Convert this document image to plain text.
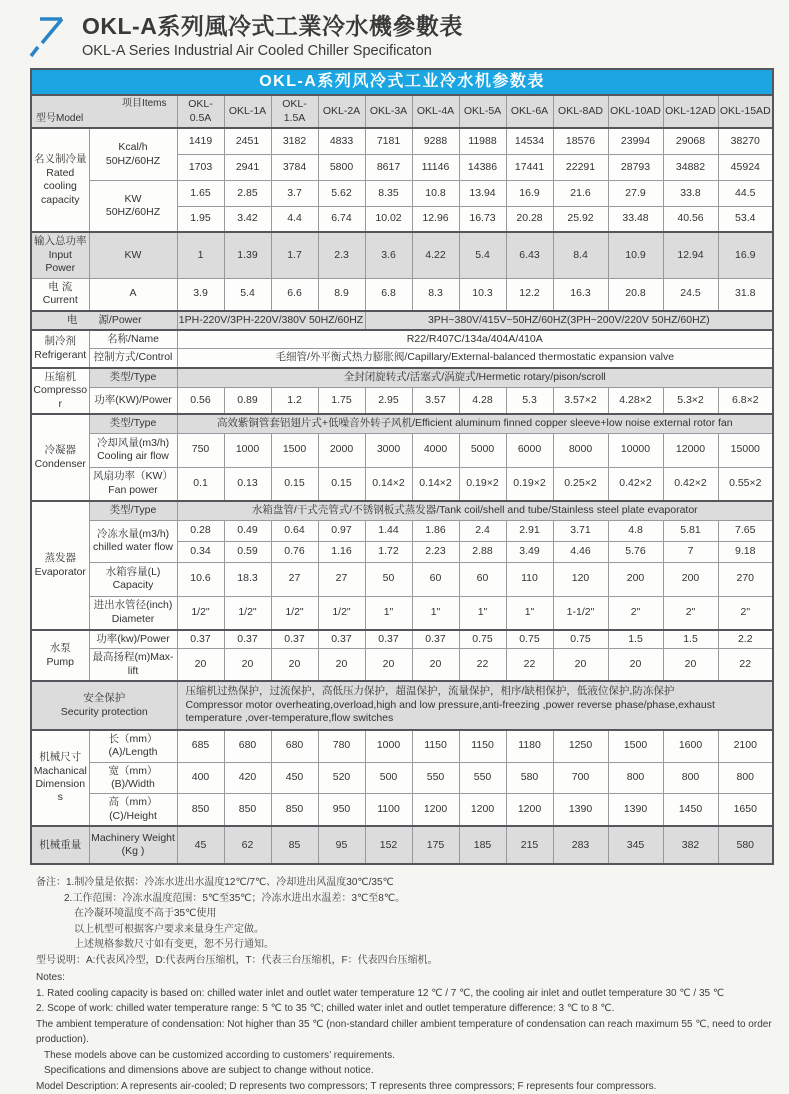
OKL-A系列風冷式工業冷水機參數表
OKL-A Series Industrial Air Cooled Chiller Specificaton
OKL-A系列风冷式工业冷水机参数表													

型号Model
项目Items		OKL-0.5A	OKL-1A	OKL-1.5A	OKL-2A	OKL-3A	OKL-4A	OKL-5A	OKL-6A	OKL-8AD	OKL-10AD	OKL-12AD	OKL-15AD

名义制冷量
Rated
cooling
capacity	Kcal/h
50HZ/60HZ	1419	2451	3182	4833	7181	9288	11988	14534	18576	23994	29068	38270
		1703	2941	3784	5800	8617	11146	14386	17441	22291	28793	34882	45924

	KW
50HZ/60HZ	1.65	2.85	3.7	5.62	8.35	10.8	13.94	16.9	21.6	27.9	33.8	44.5
		1.95	3.42	4.4	6.74	10.02	12.96	16.73	20.28	25.92	33.48	40.56	53.4

输入总功率
Input Power	KW	1	1.39	1.7	2.3	3.6	4.22	5.4	6.43	8.4	10.9	12.94	16.9

电 流
Current	A	3.9	5.4	6.6	8.9	6.8	8.3	10.3	12.2	16.3	20.8	24.5	31.8
电　　源/Power		1PH-220V/3PH-220V/380V 50HZ/60HZ				3PH~380V/415V~50HZ/60HZ(3PH~200V/220V 50HZ/60HZ)							

制冷剂
Refrigerant	名称/Name	R22/R407C/134a/404A/410A											
	控制方式/Control	毛细管/外平衡式热力膨胀阀/Capillary/External-balanced thermostatic expansion valve											

压缩机
Compressor	类型/Type	全封闭旋转式/活塞式/涡旋式/Hermetic rotary/pison/scroll											
	功率(KW)/Power	0.56	0.89	1.2	1.75	2.95	3.57	4.28	5.3	3.57×2	4.28×2	5.3×2	6.8×2

冷凝器
Condenser	类型/Type	高效紫铜管套铝翅片式+低噪音外转子风机/Efficient aluminum finned copper sleeve+low noise external rotor fan											

	冷却风量(m3/h)
Cooling air flow	750	1000	1500	2000	3000	4000	5000	6000	8000	10000	12000	15000

	风扇功率（KW）
Fan power	0.1	0.13	0.15	0.15	0.14×2	0.14×2	0.19×2	0.19×2	0.25×2	0.42×2	0.42×2	0.55×2

蒸发器
Evaporator	类型/Type	水箱盘管/干式壳管式/不锈钢板式蒸发器/Tank coil/shell and tube/Stainless steel plate evaporator											

	冷冻水量(m3/h)
chilled water flow	0.28	0.49	0.64	0.97	1.44	1.86	2.4	2.91	3.71	4.8	5.81	7.65
		0.34	0.59	0.76	1.16	1.72	2.23	2.88	3.49	4.46	5.76	7	9.18

	水箱容量(L)
Capacity	10.6	18.3	27	27	50	60	60	110	120	200	200	270

	进出水管径(inch)
Diameter	1/2"	1/2"	1/2"	1/2"	1"	1"	1"	1"	1-1/2"	2"	2"	2"

水泵
Pump	功率(kw)/Power	0.37	0.37	0.37	0.37	0.37	0.37	0.75	0.75	0.75	1.5	1.5	2.2
	最高扬程(m)Max-lift	20	20	20	20	20	20	22	22	20	20	20	22

安全保护
Security protection		压缩机过热保护，过流保护，高低压力保护，超温保护，流量保护，相序/缺相保护，低液位保护,防冻保护
Compressor motor overheating,overload,high and low pressure,anti-freezing ,power reverse phase/phase,exhaust temperature ,over-temperature,flow switches											

机械尺寸
Machanical
Dimensions	长（mm）(A)/Length	685	680	680	780	1000	1150	1150	1180	1250	1500	1600	2100
	宽（mm）(B)/Width	400	420	450	520	500	550	550	580	700	800	800	800
	高（mm）(C)/Height	850	850	850	950	1100	1200	1200	1200	1390	1390	1450	1650
机械重量	Machinery Weight
(Kg )	45	62	85	95	152	175	185	215	283	345	382	580
备注：1.制冷量是依据：冷冻水进出水温度12℃/7℃、冷却进出风温度30℃/35℃
2.工作范围：冷冻水温度范围：5℃至35℃；冷冻水进出水温差：3℃至8℃。
在冷凝环境温度不高于35℃使用
以上机型可根据客户要求来量身生产定做。
上述规格参数尺寸如有变更，恕不另行通知。
型号说明：A:代表风冷型，D:代表两台压缩机，T：代表三台压缩机，F：代表四台压缩机。
Notes:
1. Rated cooling capacity is based on: chilled water inlet and outlet water temperature 12 ℃ / 7 ℃, the cooling air inlet and outlet temperature 30 ℃ / 35 ℃
2. Scope of work: chilled water temperature range: 5 ℃ to 35 ℃; chilled water inlet and outlet temperature difference: 3 ℃ to 8 ℃.
The ambient temperature of condensation: Not higher than 35 ℃ (non-standard chiller ambient temperature of condensation can reach maximum 55 ℃, need to order production).
These models above can be customized according to customers’ requirements.
Specifications and dimensions above are subject to change without notice.
Model Description: A represents air-cooled; D represents two compressors; T represents three compressors; F represents four compressors.
